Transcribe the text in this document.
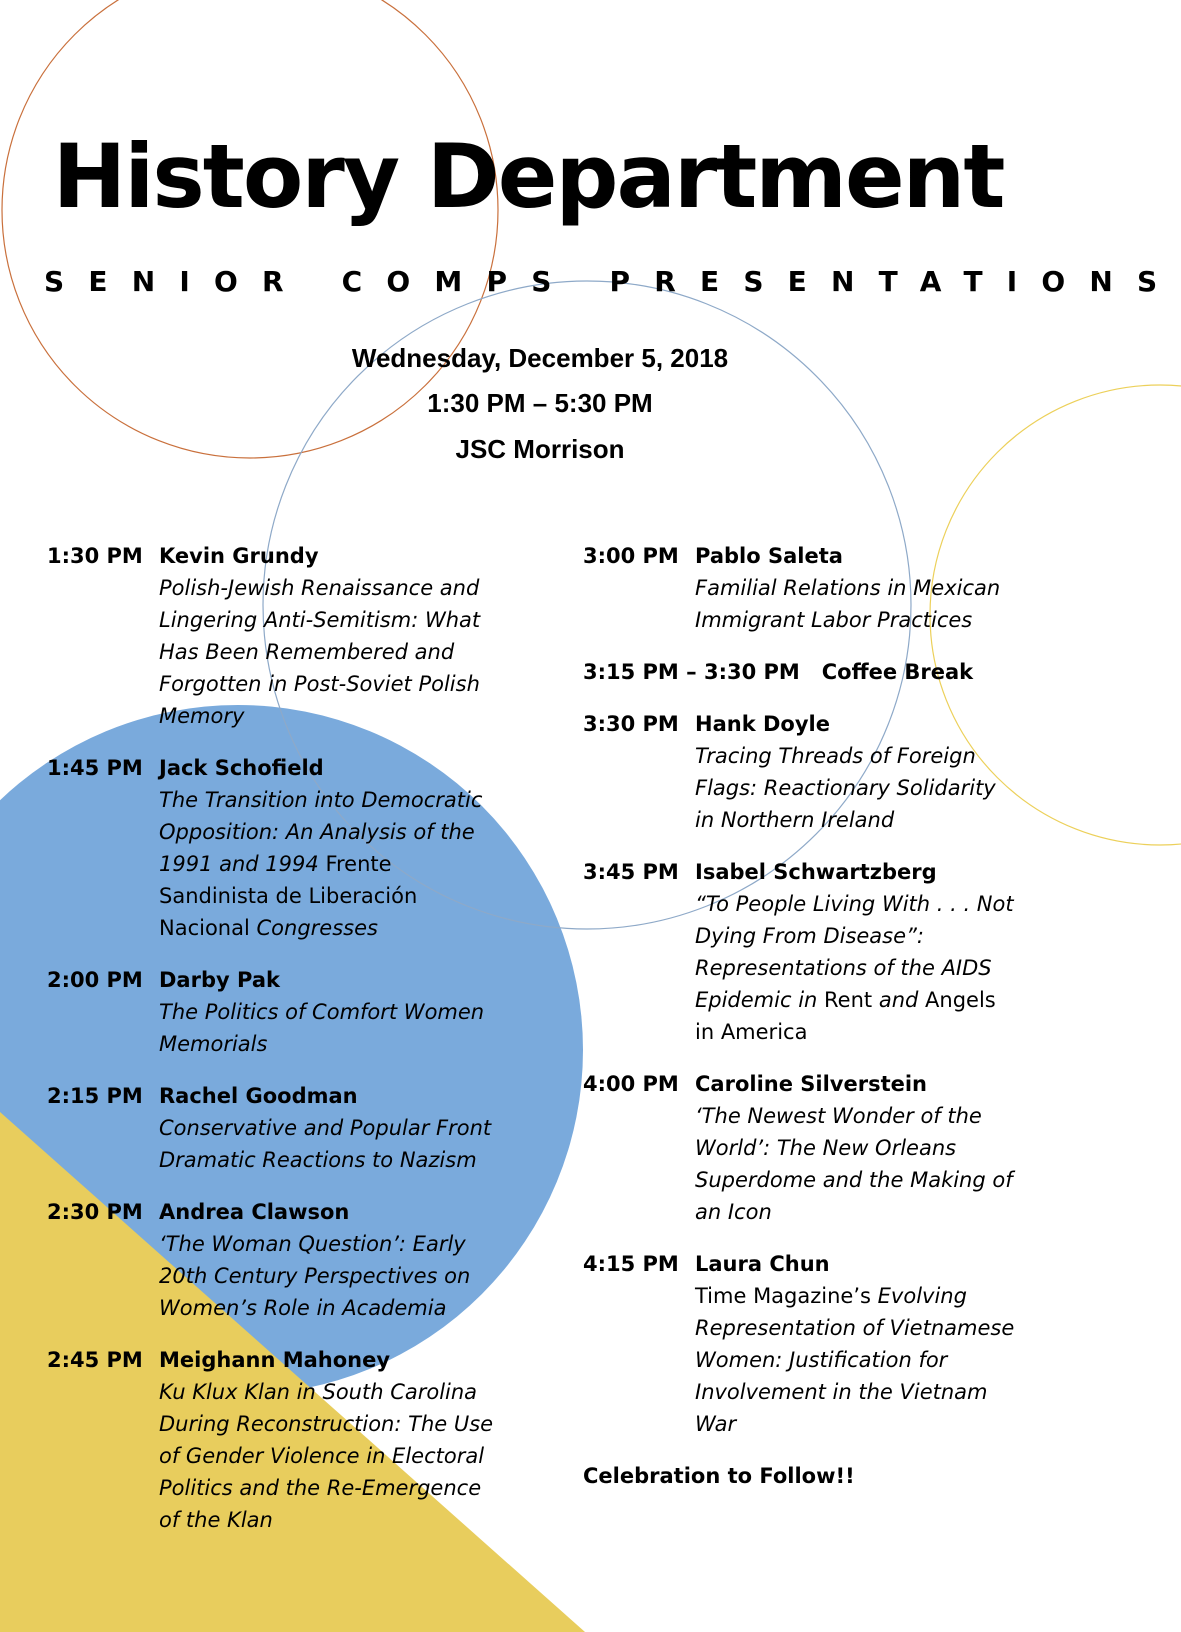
History Department
SENIOR COMPS PRESENTATIONS
Wednesday, December 5, 2018
1:30 PM – 5:30 PM
JSC Morrison
1:30 PM Kevin Grundy
Polish-Jewish Renaissance and
Lingering Anti-Semitism: What
Has Been Remembered and
Forgotten in Post-Soviet Polish
Memory
1:45 PM Jack Schofield
The Transition into Democratic
Opposition: An Analysis of the
1991 and 1994 Frente
Sandinista de Liberación
Nacional Congresses
2:00 PM Darby Pak
The Politics of Comfort Women
Memorials
2:15 PM Rachel Goodman
Conservative and Popular Front
Dramatic Reactions to Nazism
2:30 PM Andrea Clawson
‘The Woman Question’: Early
20th Century Perspectives on
Women’s Role in Academia
2:45 PM Meighann Mahoney
Ku Klux Klan in South Carolina
During Reconstruction: The Use
of Gender Violence in Electoral
Politics and the Re-Emergence
of the Klan
3:00 PM Pablo Saleta
Familial Relations in Mexican
Immigrant Labor Practices
3:15 PM – 3:30 PM Coffee Break
3:30 PM Hank Doyle
Tracing Threads of Foreign
Flags: Reactionary Solidarity
in Northern Ireland
3:45 PM Isabel Schwartzberg
“To People Living With . . . Not
Dying From Disease”:
Representations of the AIDS
Epidemic in Rent and Angels
in America
4:00 PM Caroline Silverstein
‘The Newest Wonder of the
World’: The New Orleans
Superdome and the Making of
an Icon
4:15 PM Laura Chun
Time Magazine’s Evolving
Representation of Vietnamese
Women: Justification for
Involvement in the Vietnam
War
Celebration to Follow!!
